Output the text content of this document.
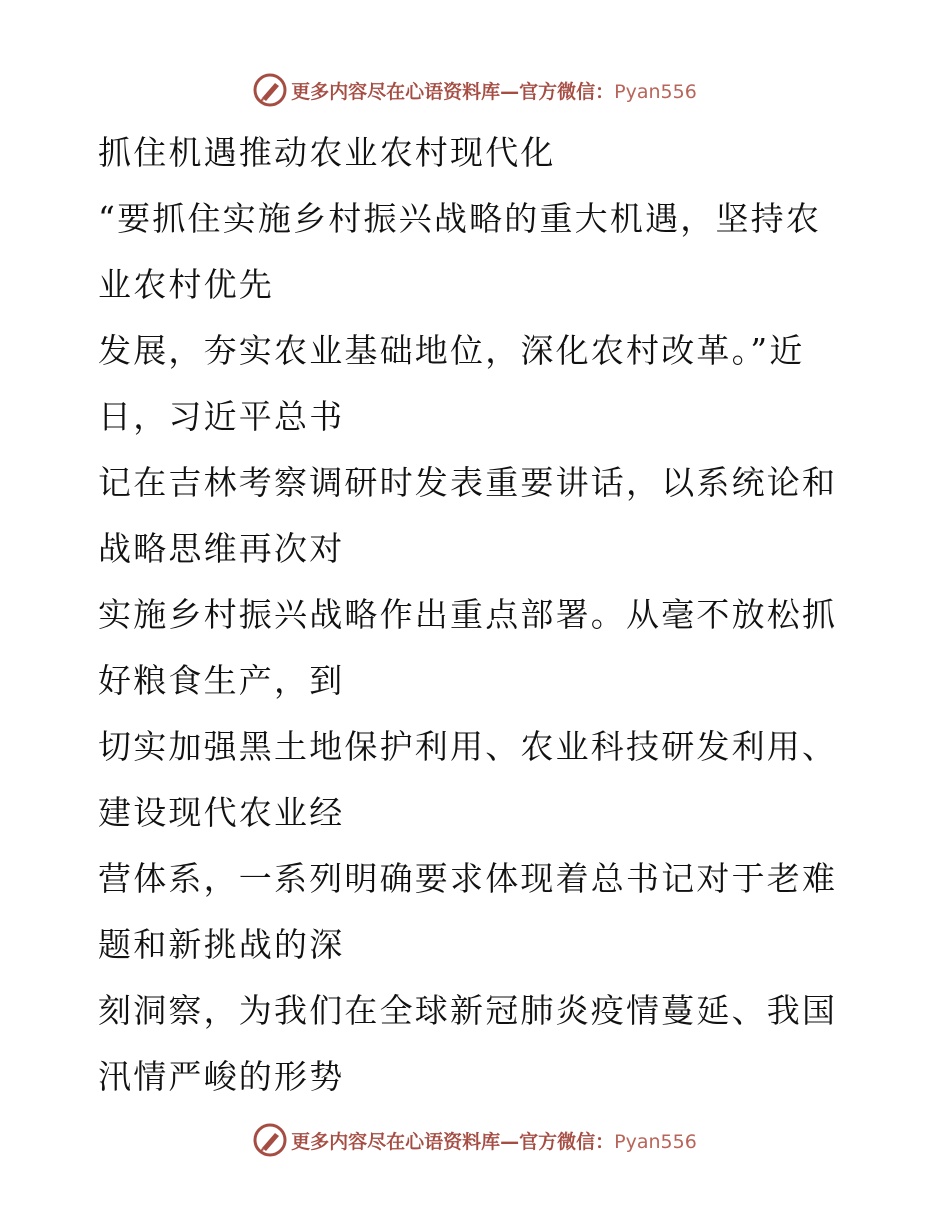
更多内容尽在心语资料库—官方微信：Pyan556
抓住机遇推动农业农村现代化
“要抓住实施乡村振兴战略的重大机遇，坚持农
业农村优先
发展，夯实农业基础地位，深化农村改革。”近
日，习近平总书
记在吉林考察调研时发表重要讲话，以系统论和
战略思维再次对
实施乡村振兴战略作出重点部署。从毫不放松抓
好粮食生产，到
切实加强黑土地保护利用、农业科技研发利用、
建设现代农业经
营体系，一系列明确要求体现着总书记对于老难
题和新挑战的深
刻洞察，为我们在全球新冠肺炎疫情蔓延、我国
汛情严峻的形势
更多内容尽在心语资料库—官方微信：Pyan556
